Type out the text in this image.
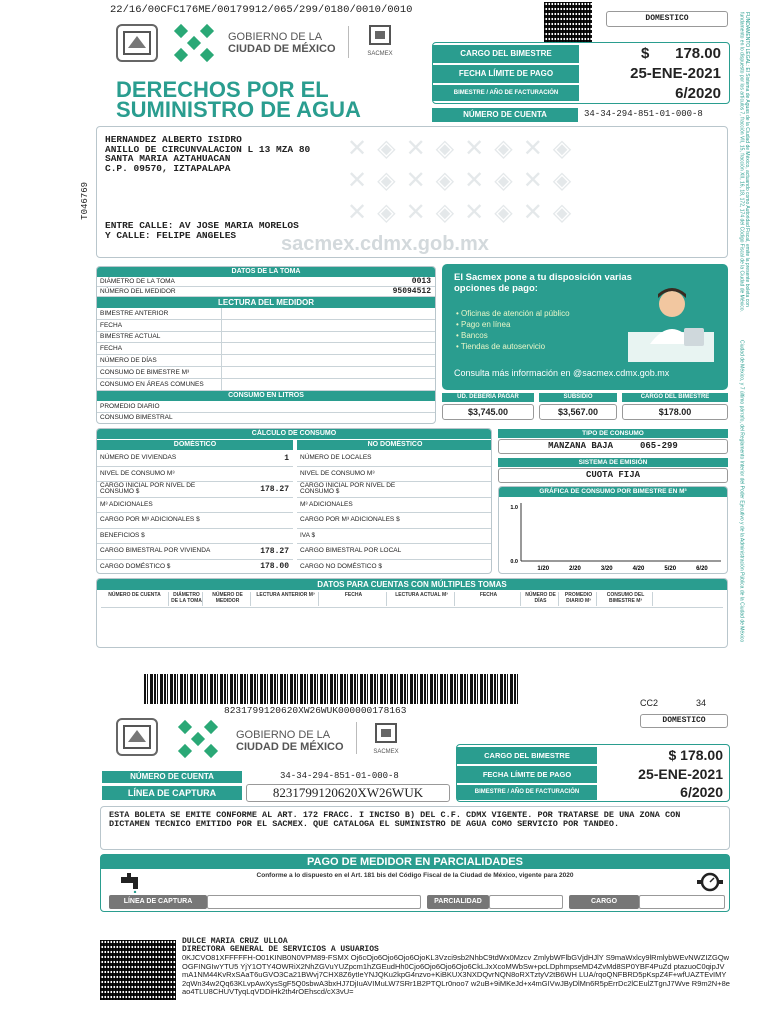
22/16/00CFC176ME/00179912/065/299/0180/0010/0010
DOMESTICO
GOBIERNO DE LA
CIUDAD DE MÉXICO	SACMEX
DERECHOS POR EL
SUMINISTRO DE AGUA
CARGO DEL BIMESTRE	$ 178.00
FECHA LÍMITE DE PAGO	25-ENE-2021
BIMESTRE / AÑO DE FACTURACIÓN	6/2020
NÚMERO DE CUENTA	34-34-294-851-01-000-8	FUNDAMENTO LEGAL: El Sistema de Aguas de la Ciudad de México, actuando como Autoridad Fiscal, emite la presente boleta con fundamento en lo dispuesto por los artículos 7, fracción VII, 15, fracción XII, 16, 18, 172, 174 del Código Fiscal de la Ciudad de México.
Ciudad de México, y 7 último párrafo, del Reglamento Interior del Poder Ejecutivo y de la Administración Pública de la Ciudad de México
T046769
✕◈✕◈✕◈✕◈ ✕◈✕◈✕◈✕◈ ✕◈✕◈✕◈✕◈
sacmex.cdmx.gob.mx
HERNANDEZ ALBERTO ISIDRO
ANILLO DE CIRCUNVALACION L 13 MZA 80
SANTA MARIA AZTAHUACAN
C.P. 09570, IZTAPALAPA
ENTRE CALLE: AV JOSE MARIA MORELOS
Y CALLE: FELIPE ANGELES
DATOS DE LA TOMA
DIÁMETRO DE LA TOMA	0013
NÚMERO DEL MEDIDOR	95094512
LECTURA DEL MEDIDOR
CONSUMO EN LITROS
BIMESTRE ANTERIOR
FECHA
BIMESTRE ACTUAL
FECHA
NÚMERO DE DÍAS
CONSUMO DE BIMESTRE M³
CONSUMO EN ÁREAS COMUNES
PROMEDIO DIARIO
CONSUMO BIMESTRAL
El Sacmex pone a tu disposición varias opciones de pago:
• Oficinas de atención al público
• Pago en línea
• Bancos
• Tiendas de autoservicio
Consulta más información en @sacmex.cdmx.gob.mx
UD. DEBERÍA PAGAR	SUBSIDIO	CARGO DEL BIMESTRE
$3,745.00	$3,567.00	$178.00
CÁLCULO DE CONSUMO
DOMÉSTICO	NO DOMÉSTICO
NÚMERO DE VIVIENDAS	1
NIVEL DE CONSUMO M³
CARGO INICIAL POR NIVEL DE CONSUMO $	178.27
M³ ADICIONALES
CARGO POR M³ ADICIONALES $
BENEFICIOS $
CARGO BIMESTRAL POR VIVIENDA	178.27
CARGO DOMÉSTICO $	178.00
NÚMERO DE LOCALES
NIVEL DE CONSUMO M³
CARGO INICIAL POR NIVEL DE CONSUMO $
M³ ADICIONALES
CARGO POR M³ ADICIONALES $
IVA $
CARGO BIMESTRAL POR LOCAL
CARGO NO DOMÉSTICO $
TIPO DE CONSUMO
MANZANA BAJA	065-299
SISTEMA DE EMISIÓN
CUOTA FIJA
GRÁFICA DE CONSUMO POR BIMESTRE EN M³
1.0
0.0
1/20	2/20	3/20	4/20	5/20	6/20
DATOS PARA CUENTAS CON MÚLTIPLES TOMAS
NÚMERO DE CUENTA	DIÁMETRO DE LA TOMA
NÚMERO DE MEDIDOR
LECTURA ANTERIOR M³	FECHA	LECTURA ACTUAL M³	FECHA	NÚMERO DE DÍAS
PROMEDIO DIARIO M³
CONSUMO DEL BIMESTRE M³
8231799120620XW26WUK000000178163
CC2	34
DOMESTICO
GOBIERNO DE LA
CIUDAD DE MÉXICO	SACMEX	CARGO DEL BIMESTRE	$ 178.00
FECHA LÍMITE DE PAGO	25-ENE-2021
BIMESTRE / AÑO DE FACTURACIÓN	6/2020
NÚMERO DE CUENTA	34-34-294-851-01-000-8
LÍNEA DE CAPTURA	8231799120620XW26WUK
ESTA BOLETA SE EMITE CONFORME AL ART. 172 FRACC. I INCISO B) DEL C.F. CDMX VIGENTE. POR TRATARSE DE UNA ZONA CON DICTAMEN TECNICO EMITIDO POR EL SACMEX. QUE CATALOGA EL SUMINISTRO DE AGUA COMO SERVICIO POR TANDEO.
PAGO DE MEDIDOR EN PARCIALIDADES
Conforme a lo dispuesto en el Art. 181 bis del Código Fiscal de la Ciudad de México, vigente para 2020
LÍNEA DE CAPTURA	PARCIALIDAD	CARGO
DULCE MARIA CRUZ ULLOA
DIRECTORA GENERAL DE SERVICIOS A USUARIOS
0KJCVO81XFFFFFH-O01KINB0N0VPM89-FSMX Oj6cOjo6Ojo6Ojo6OjoKL3Vzci9sb2NhbC9tdWx0Mzcv ZmlybWFlbGVjdHJlY S9maWxlcy9lRmlybWEvNWZIZGQwOGFINGIwYTU5 YjY1OTY4OWRiX2NhZGVuYUZpcm1hZGEudHh0Cjo6Ojo6Ojo6Ojo6CkLJxXcoMWbSw+pcLDphmpseMD4ZvMd8SP0YBF4PuZd ptazuoC0qipJVmA1NM44KvRxSAaT6uGVO3Ca21BWvj7CHX8Z6ytIeYNJQKu2kpG4nzvo+KiBKUX3NXDQvrNQN8oRXTztyV2tB6WH LUA/rqoQNFBRD5pKspZ4F+wfUAZTEvIMY2qWn34w2Qq63KLvpAwXysSgF5Q0sbwA3bxHJ7DjIuAVIMuLW7SRr1B2PTQLr0noo7 w2uB+9iMKeJd+x4mGIVwJByDlMn6R5pErrDc2lCEulZTgnJ7Wve R9m2N+8eao4TLU8CHUVTyqLqVDDiHk2th4rOEhscd/cX3vU=
